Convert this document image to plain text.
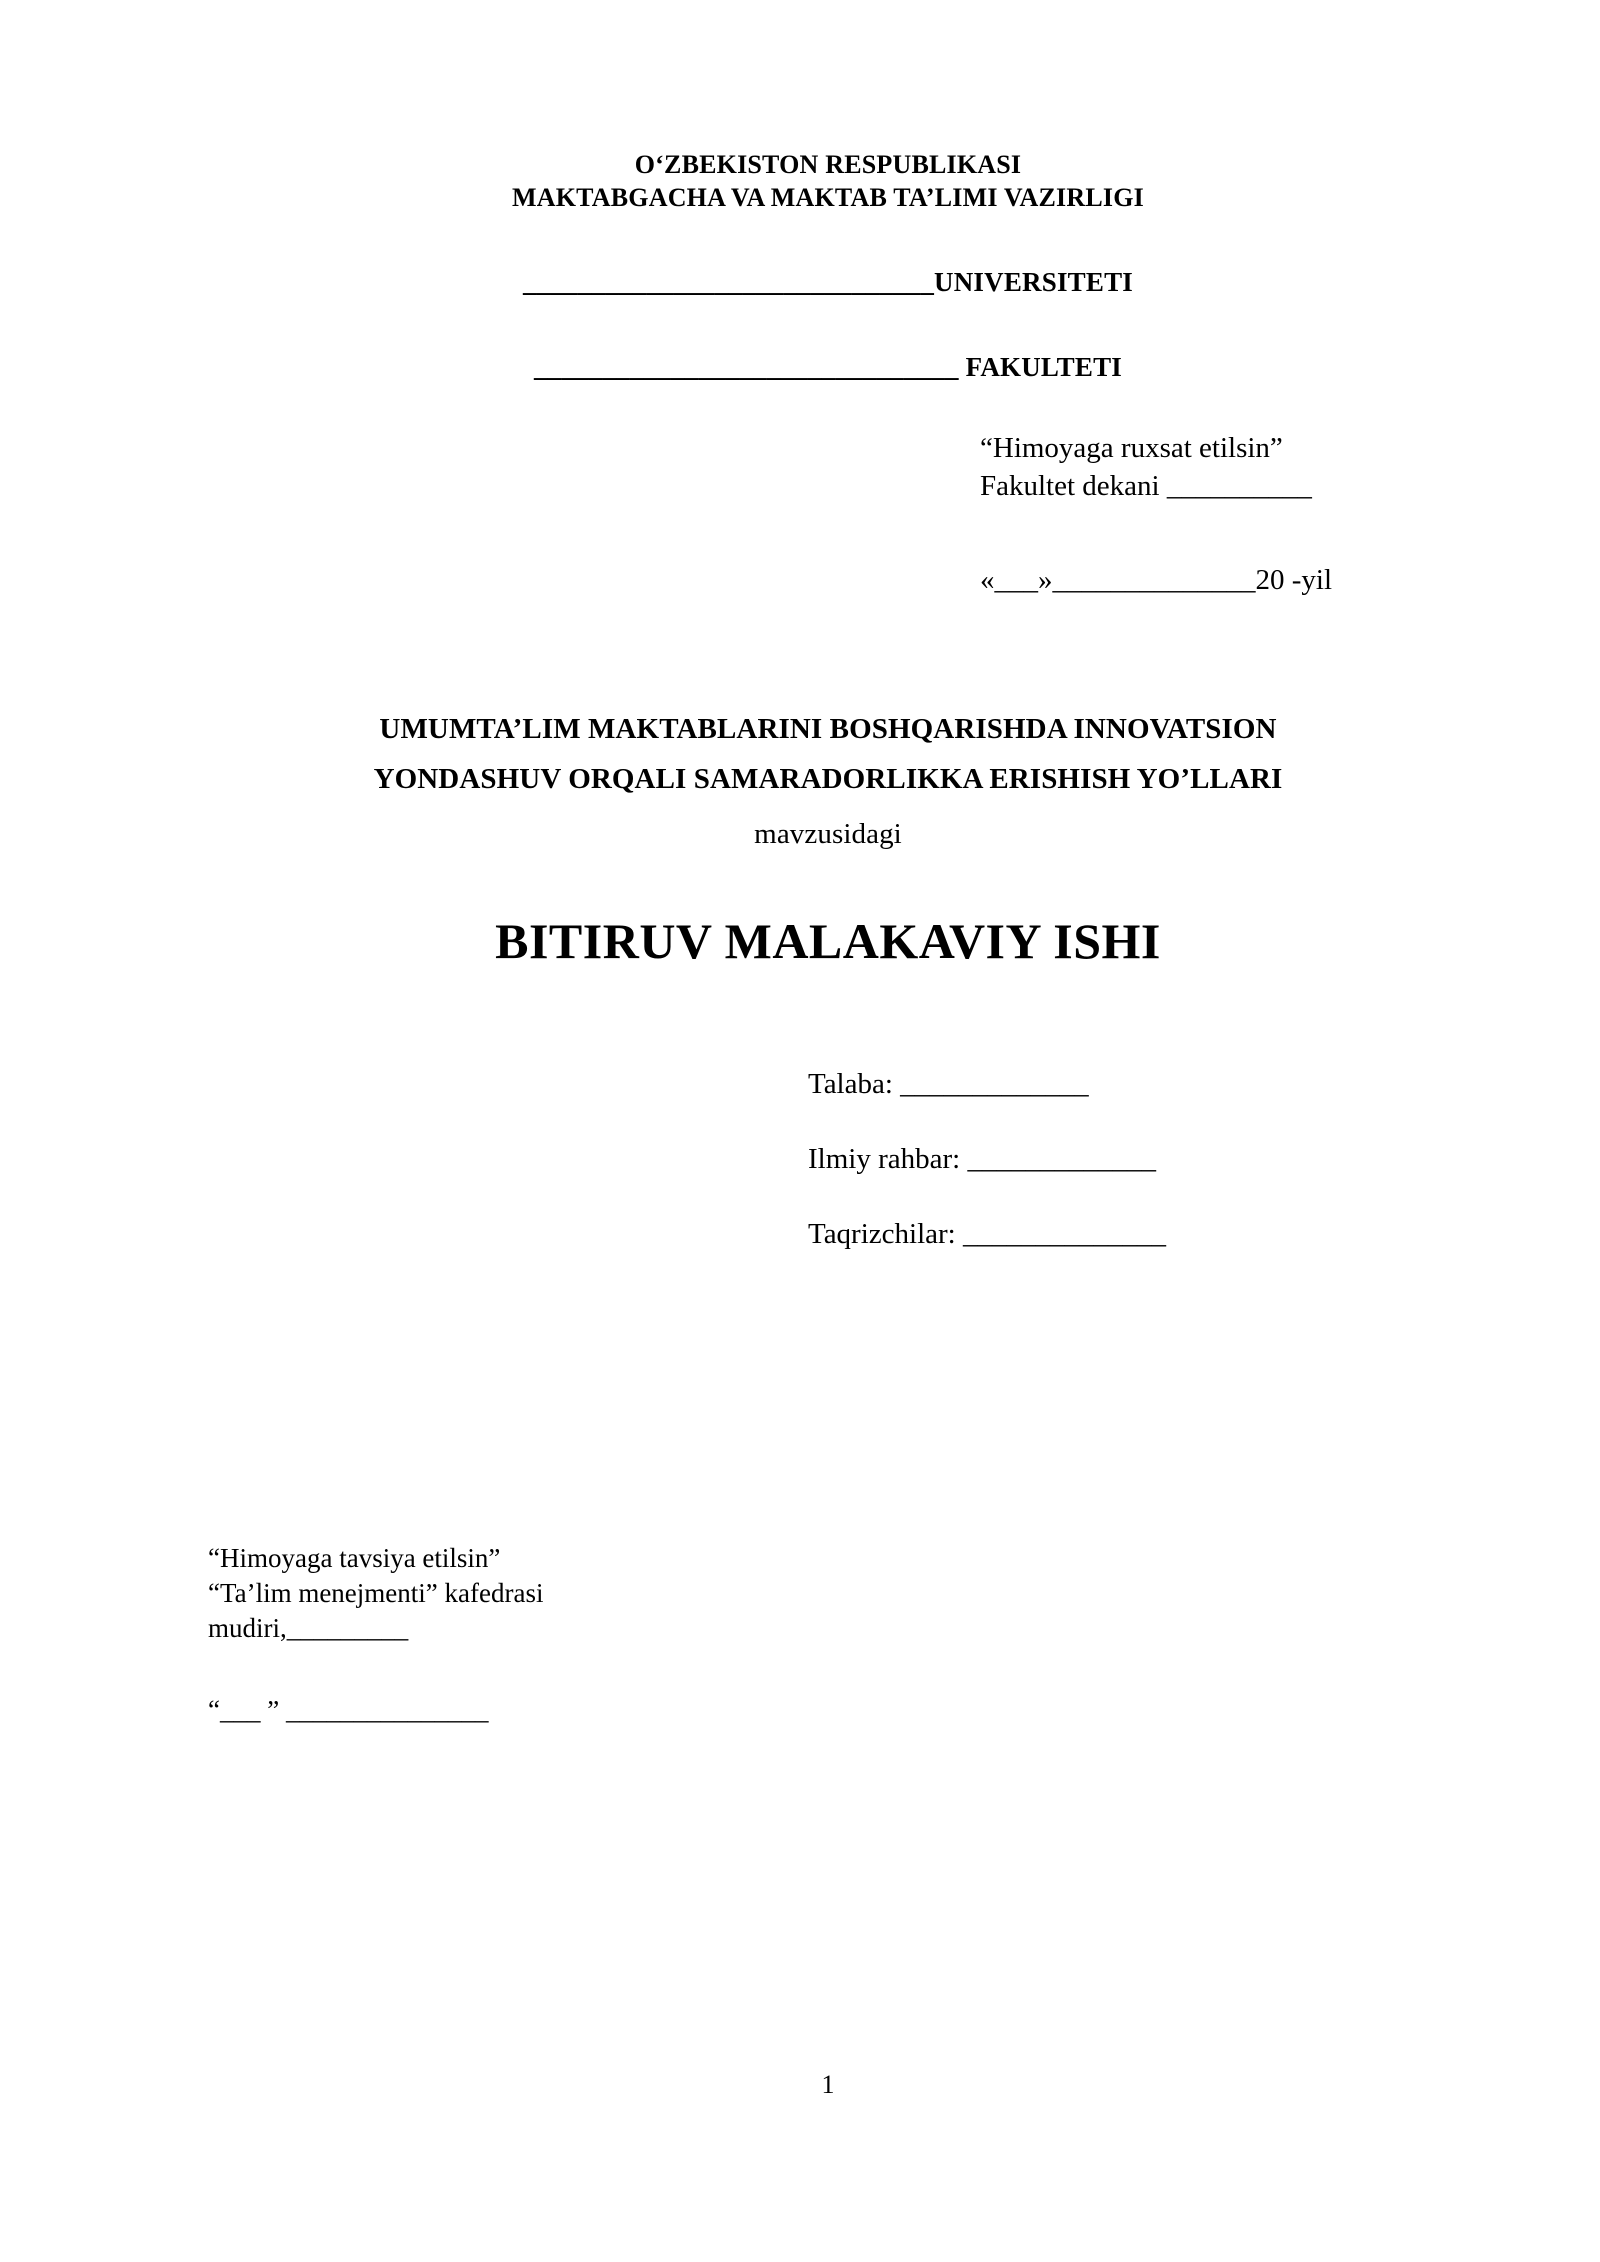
O‘ZBEKISTON RESPUBLIKASI
MAKTABGACHA VA MAKTAB TA’LIMI VAZIRLIGI
______________________________UNIVERSITETI
_______________________________ FAKULTETI
“Himoyaga ruxsat etilsin”
Fakultet dekani __________
«___»______________20 -yil
UMUMTA’LIM MAKTABLARINI BOSHQARISHDA INNOVATSION
YONDASHUV ORQALI SAMARADORLIKKA ERISHISH YO’LLARI
mavzusidagi
BITIRUV MALAKAVIY ISHI
Talaba: _____________
Ilmiy rahbar: _____________
Taqrizchilar: ______________
“Himoyaga tavsiya etilsin”
“Ta’lim menejmenti” kafedrasi
mudiri,_________
“___ ” _______________
1
